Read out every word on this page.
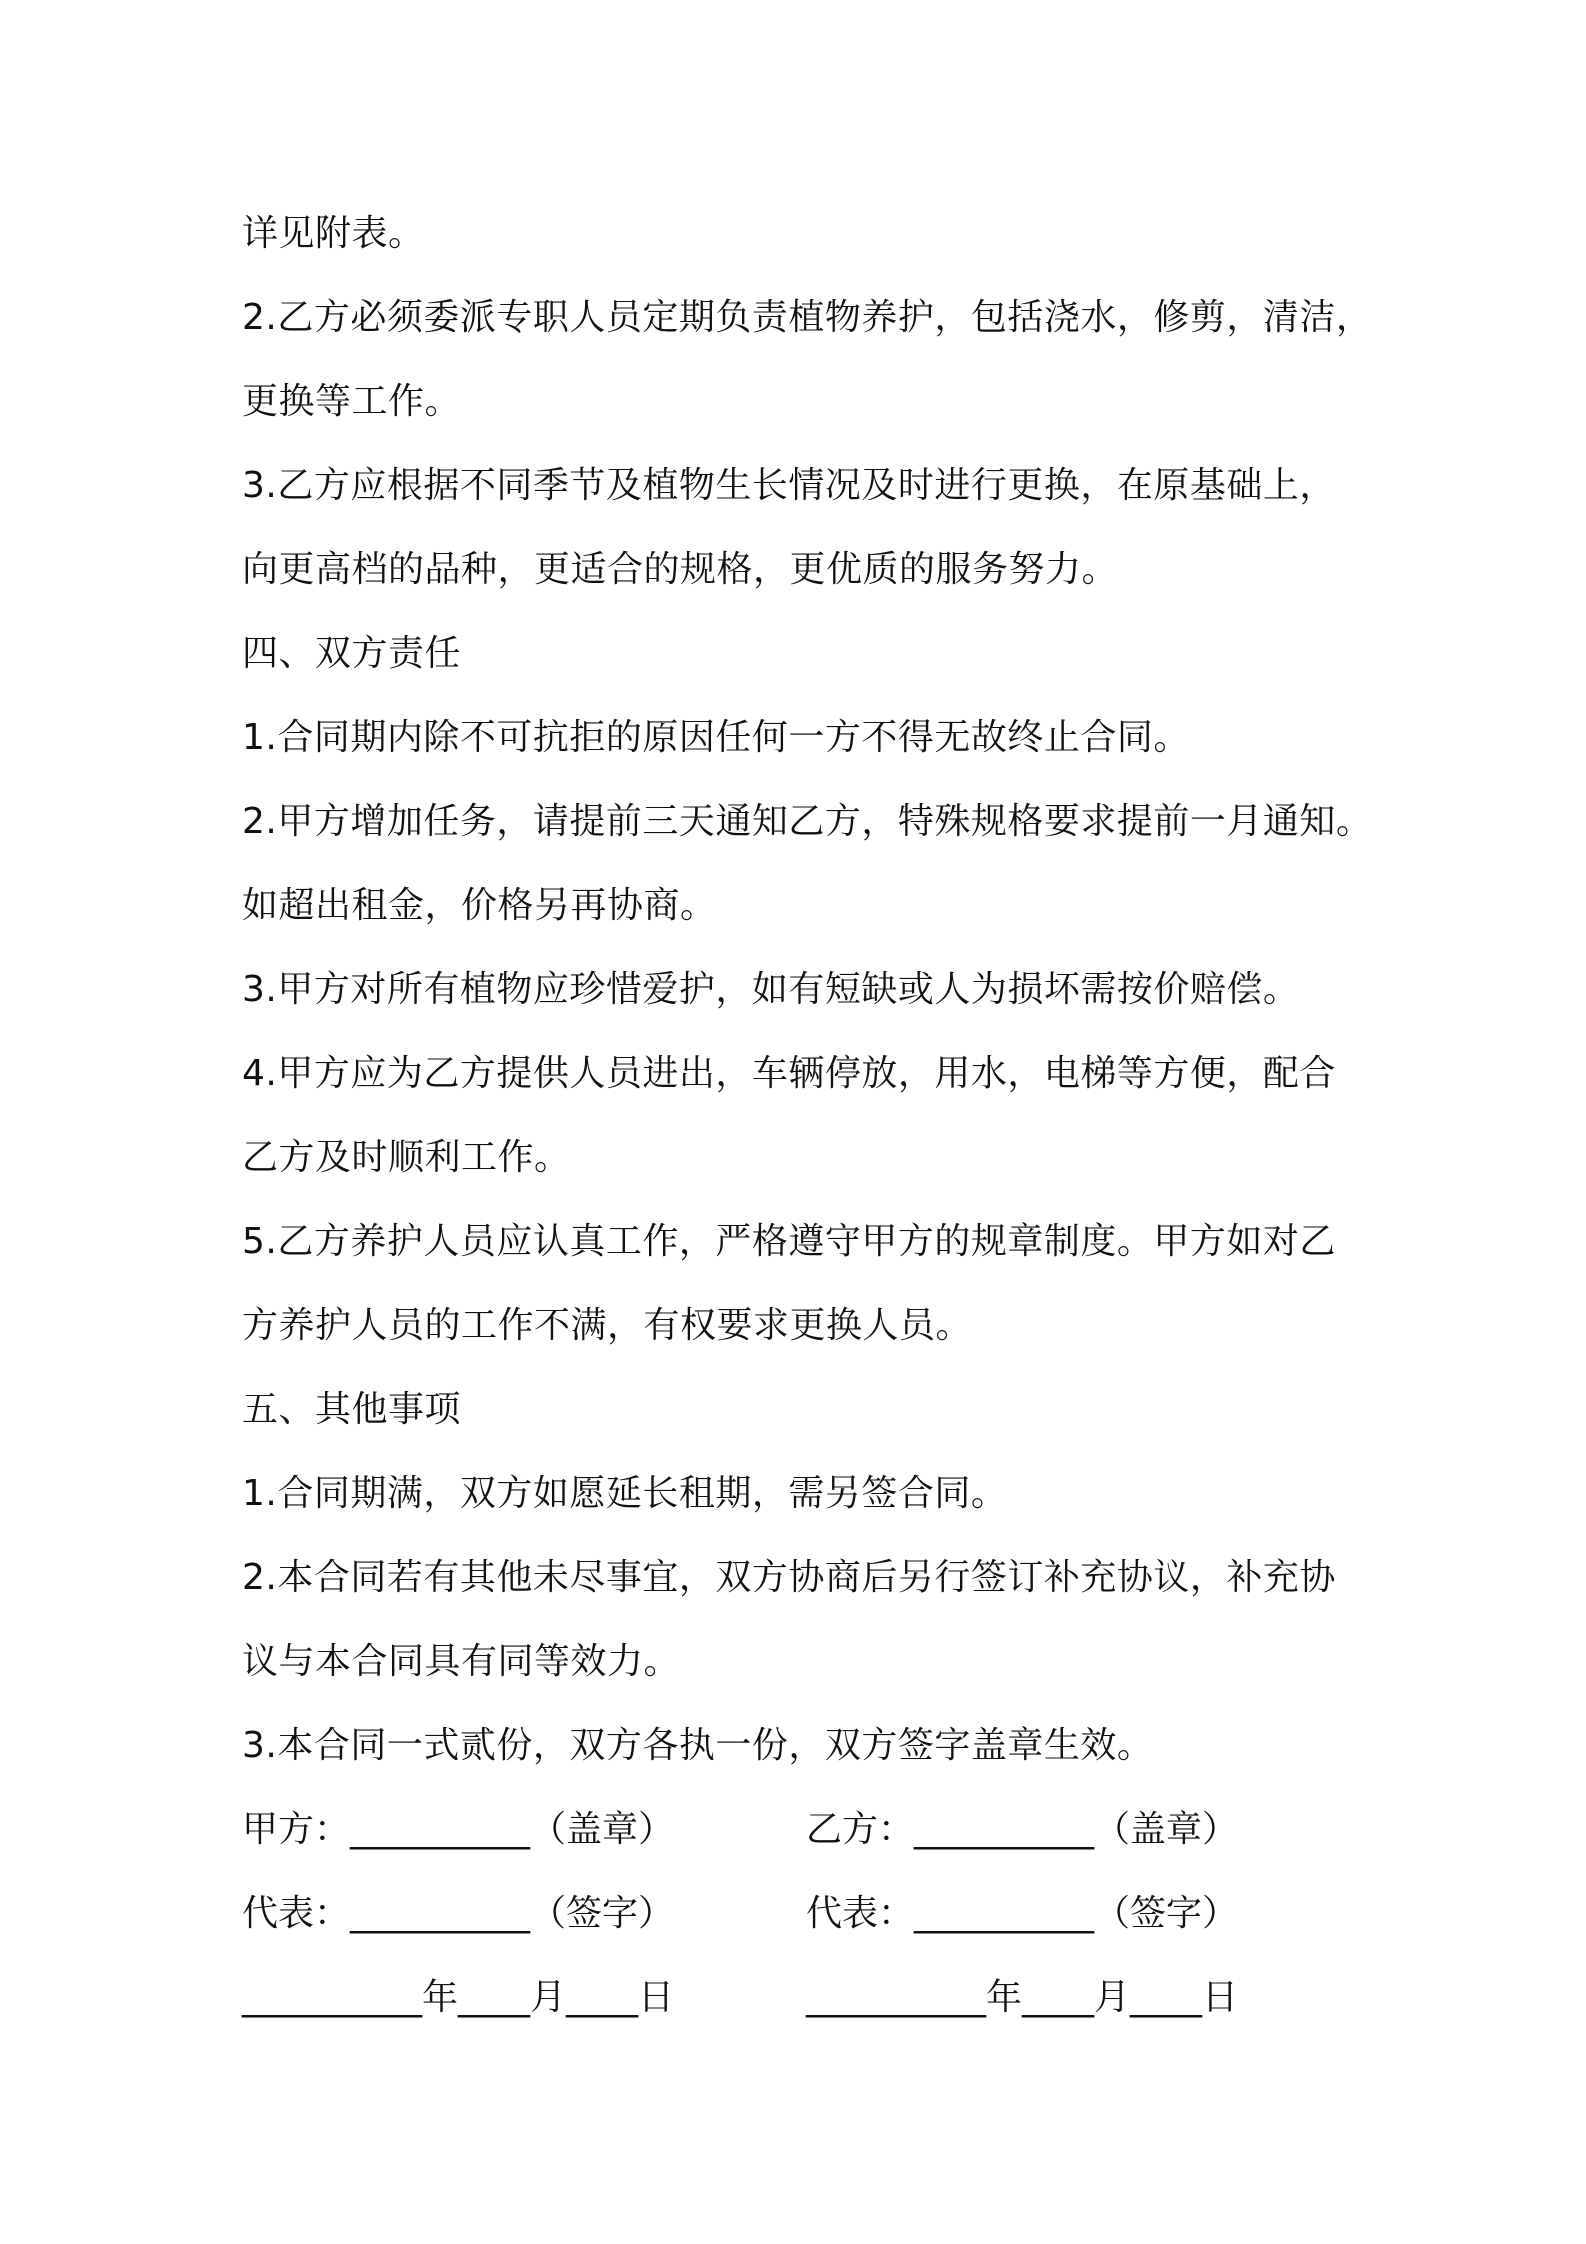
详见附表。
2.乙方必须委派专职人员定期负责植物养护，包括浇水，修剪，清洁，
更换等工作。
3.乙方应根据不同季节及植物生长情况及时进行更换，在原基础上，
向更高档的品种，更适合的规格，更优质的服务努力。
四、双方责任
1.合同期内除不可抗拒的原因任何一方不得无故终止合同。
2.甲方增加任务，请提前三天通知乙方，特殊规格要求提前一月通知。
如超出租金，价格另再协商。
3.甲方对所有植物应珍惜爱护，如有短缺或人为损坏需按价赔偿。
4.甲方应为乙方提供人员进出，车辆停放，用水，电梯等方便，配合
乙方及时顺利工作。
5.乙方养护人员应认真工作，严格遵守甲方的规章制度。甲方如对乙
方养护人员的工作不满，有权要求更换人员。
五、其他事项
1.合同期满，双方如愿延长租期，需另签合同。
2.本合同若有其他未尽事宜，双方协商后另行签订补充协议，补充协
议与本合同具有同等效力。
3.本合同一式贰份，双方各执一份，双方签字盖章生效。
甲方：__________（盖章）	乙方：__________（盖章）
代表：__________（签字）	代表：__________（签字）
__________年____月____日	__________年____月____日
